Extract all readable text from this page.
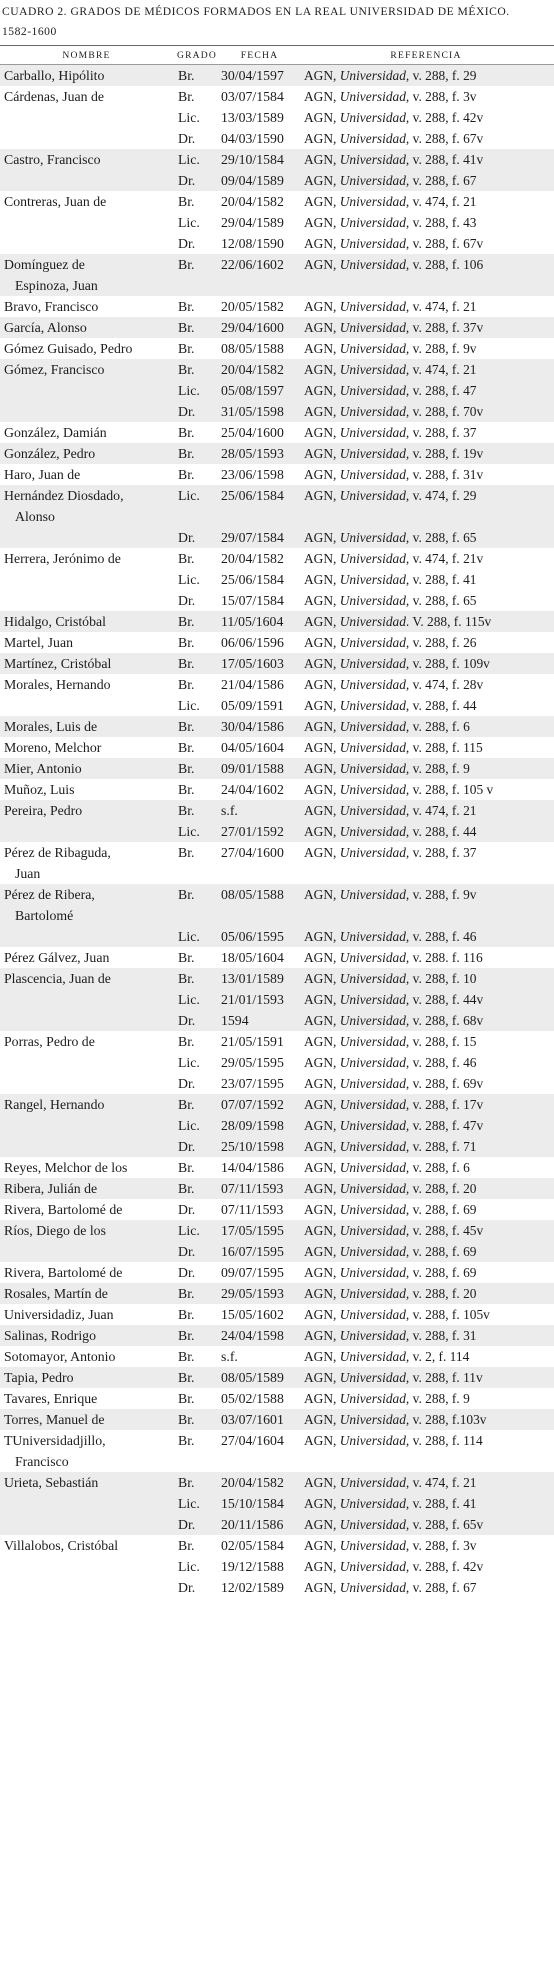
CUADRO 2. GRADOS DE MÉDICOS FORMADOS EN LA REAL UNIVERSIDAD DE MÉXICO.
1582-1600
NOMBRE	GRADO	FECHA	REFERENCIA
Carballo, Hipólito	Br.	30/04/1597	AGN, Universidad, v. 288, f. 29

Cárdenas, Juan de	Br.	03/07/1584	AGN, Universidad, v. 288, f. 3v
	Lic.	13/03/1589	AGN, Universidad, v. 288, f. 42v
	Dr.	04/03/1590	AGN, Universidad, v. 288, f. 67v

Castro, Francisco	Lic.	29/10/1584	AGN, Universidad, v. 288, f. 41v
	Dr.	09/04/1589	AGN, Universidad, v. 288, f. 67

Contreras, Juan de	Br.	20/04/1582	AGN, Universidad, v. 474, f. 21
	Lic.	29/04/1589	AGN, Universidad, v. 288, f. 43
	Dr.	12/08/1590	AGN, Universidad, v. 288, f. 67v

Domínguez de
Espinoza, Juan	Br.	22/06/1602	AGN, Universidad, v. 288, f. 106

Bravo, Francisco	Br.	20/05/1582	AGN, Universidad, v. 474, f. 21

García, Alonso	Br.	29/04/1600	AGN, Universidad, v. 288, f. 37v

Gómez Guisado, Pedro	Br.	08/05/1588	AGN, Universidad, v. 288, f. 9v

Gómez, Francisco	Br.	20/04/1582	AGN, Universidad, v. 474, f. 21
	Lic.	05/08/1597	AGN, Universidad, v. 288, f. 47
	Dr.	31/05/1598	AGN, Universidad, v. 288, f. 70v

González, Damián	Br.	25/04/1600	AGN, Universidad, v. 288, f. 37

González, Pedro	Br.	28/05/1593	AGN, Universidad, v. 288, f. 19v

Haro, Juan de	Br.	23/06/1598	AGN, Universidad, v. 288, f. 31v

Hernández Diosdado,
Alonso	Lic.	25/06/1584	AGN, Universidad, v. 474, f. 29
	Dr.	29/07/1584	AGN, Universidad, v. 288, f. 65

Herrera, Jerónimo de	Br.	20/04/1582	AGN, Universidad, v. 474, f. 21v
	Lic.	25/06/1584	AGN, Universidad, v. 288, f. 41
	Dr.	15/07/1584	AGN, Universidad, v. 288, f. 65

Hidalgo, Cristóbal	Br.	11/05/1604	AGN, Universidad. V. 288, f. 115v

Martel, Juan	Br.	06/06/1596	AGN, Universidad, v. 288, f. 26

Martínez, Cristóbal	Br.	17/05/1603	AGN, Universidad, v. 288, f. 109v

Morales, Hernando	Br.	21/04/1586	AGN, Universidad, v. 474, f. 28v
	Lic.	05/09/1591	AGN, Universidad, v. 288, f. 44

Morales, Luis de	Br.	30/04/1586	AGN, Universidad, v. 288, f. 6

Moreno, Melchor	Br.	04/05/1604	AGN, Universidad, v. 288, f. 115

Mier, Antonio	Br.	09/01/1588	AGN, Universidad, v. 288, f. 9

Muñoz, Luis	Br.	24/04/1602	AGN, Universidad, v. 288, f. 105 v

Pereira, Pedro	Br.	s.f.	AGN, Universidad, v. 474, f. 21
	Lic.	27/01/1592	AGN, Universidad, v. 288, f. 44

Pérez de Ribaguda,
Juan	Br.	27/04/1600	AGN, Universidad, v. 288, f. 37

Pérez de Ribera,
Bartolomé	Br.	08/05/1588	AGN, Universidad, v. 288, f. 9v
	Lic.	05/06/1595	AGN, Universidad, v. 288, f. 46

Pérez Gálvez, Juan	Br.	18/05/1604	AGN, Universidad, v. 288. f. 116

Plascencia, Juan de	Br.	13/01/1589	AGN, Universidad, v. 288, f. 10
	Lic.	21/01/1593	AGN, Universidad, v. 288, f. 44v
	Dr.	1594	AGN, Universidad, v. 288, f. 68v

Porras, Pedro de	Br.	21/05/1591	AGN, Universidad, v. 288, f. 15
	Lic.	29/05/1595	AGN, Universidad, v. 288, f. 46
	Dr.	23/07/1595	AGN, Universidad, v. 288, f. 69v

Rangel, Hernando	Br.	07/07/1592	AGN, Universidad, v. 288, f. 17v
	Lic.	28/09/1598	AGN, Universidad, v. 288, f. 47v
	Dr.	25/10/1598	AGN, Universidad, v. 288, f. 71

Reyes, Melchor de los	Br.	14/04/1586	AGN, Universidad, v. 288, f. 6

Ribera, Julián de	Br.	07/11/1593	AGN, Universidad, v. 288, f. 20

Rivera, Bartolomé de	Dr.	07/11/1593	AGN, Universidad, v. 288, f. 69

Ríos, Diego de los	Lic.	17/05/1595	AGN, Universidad, v. 288, f. 45v
	Dr.	16/07/1595	AGN, Universidad, v. 288, f. 69

Rivera, Bartolomé de	Dr.	09/07/1595	AGN, Universidad, v. 288, f. 69

Rosales, Martín de	Br.	29/05/1593	AGN, Universidad, v. 288, f. 20

Universidadiz, Juan	Br.	15/05/1602	AGN, Universidad, v. 288, f. 105v

Salinas, Rodrigo	Br.	24/04/1598	AGN, Universidad, v. 288, f. 31

Sotomayor, Antonio	Br.	s.f.	AGN, Universidad, v. 2, f. 114

Tapia, Pedro	Br.	08/05/1589	AGN, Universidad, v. 288, f. 11v

Tavares, Enrique	Br.	05/02/1588	AGN, Universidad, v. 288, f. 9

Torres, Manuel de	Br.	03/07/1601	AGN, Universidad, v. 288, f.103v

TUniversidadjillo,
Francisco	Br.	27/04/1604	AGN, Universidad, v. 288, f. 114

Urieta, Sebastián	Br.	20/04/1582	AGN, Universidad, v. 474, f. 21
	Lic.	15/10/1584	AGN, Universidad, v. 288, f. 41
	Dr.	20/11/1586	AGN, Universidad, v. 288, f. 65v

Villalobos, Cristóbal	Br.	02/05/1584	AGN, Universidad, v. 288, f. 3v
	Lic.	19/12/1588	AGN, Universidad, v. 288, f. 42v
	Dr.	12/02/1589	AGN, Universidad, v. 288, f. 67
